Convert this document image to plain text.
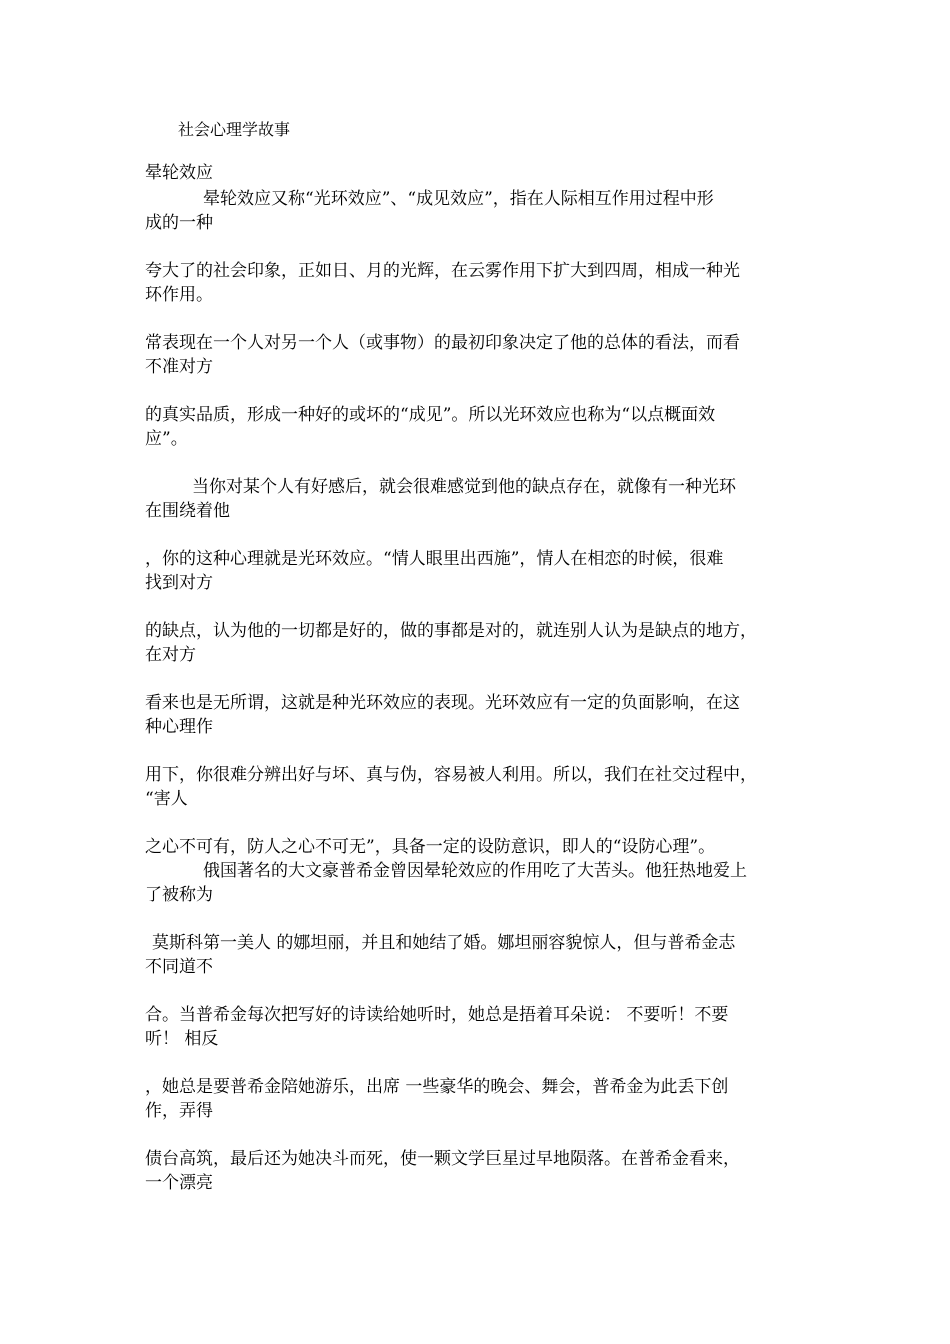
社会心理学故事
晕轮效应
晕轮效应又称“光环效应”、“成见效应”，指在人际相互作用过程中形
成的一种
夸大了的社会印象，正如日、月的光辉，在云雾作用下扩大到四周，相成一种光
环作用。
常表现在一个人对另一个人（或事物）的最初印象决定了他的总体的看法，而看
不准对方
的真实品质，形成一种好的或坏的“成见”。所以光环效应也称为“以点概面效
应”。
当你对某个人有好感后，就会很难感觉到他的缺点存在，就像有一种光环
在围绕着他
，你的这种心理就是光环效应。“情人眼里出西施”，情人在相恋的时候，很难
找到对方
的缺点，认为他的一切都是好的，做的事都是对的，就连别人认为是缺点的地方，
在对方
看来也是无所谓，这就是种光环效应的表现。光环效应有一定的负面影响，在这
种心理作
用下，你很难分辨出好与坏、真与伪，容易被人利用。所以，我们在社交过程中，
“害人
之心不可有，防人之心不可无”，具备一定的设防意识，即人的“设防心理”。
俄国著名的大文豪普希金曾因晕轮效应的作用吃了大苦头。他狂热地爱上
了被称为
莫斯科第一美人 的娜坦丽，并且和她结了婚。娜坦丽容貌惊人，但与普希金志
不同道不
合。当普希金每次把写好的诗读给她听时，她总是捂着耳朵说： 不要听！不要
听！ 相反
，她总是要普希金陪她游乐，出席 一些豪华的晚会、舞会，普希金为此丢下创
作，弄得
债台高筑，最后还为她决斗而死，使一颗文学巨星过早地陨落。在普希金看来，
一个漂亮
